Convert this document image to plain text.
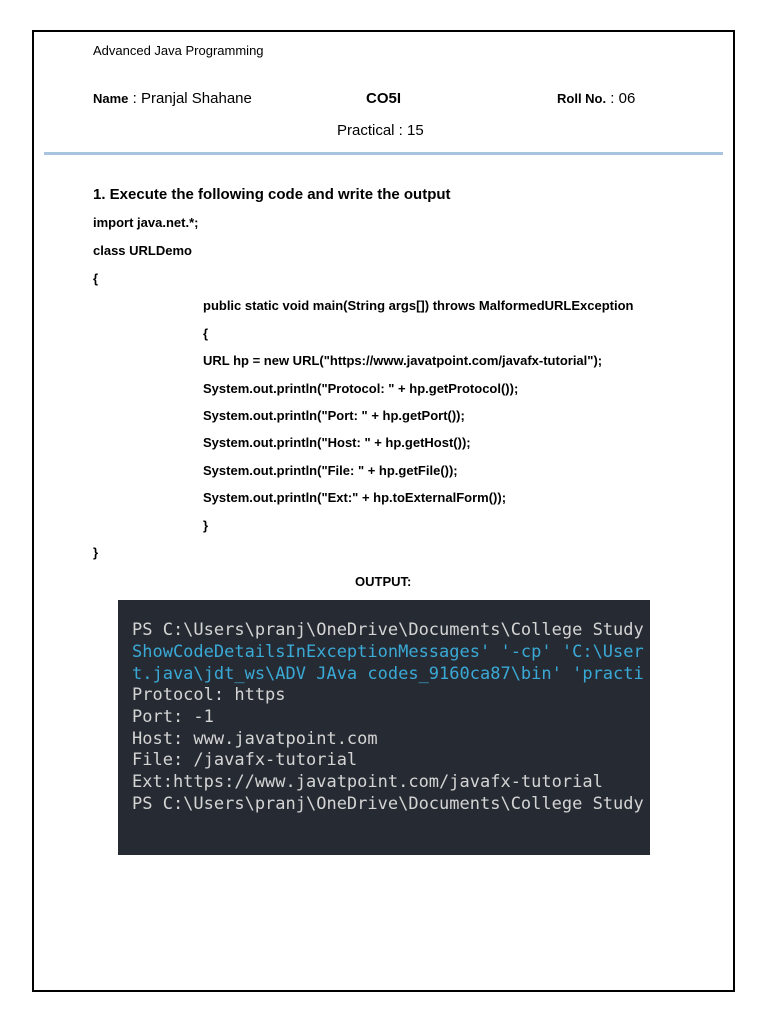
Advanced Java Programming
Name : Pranjal Shahane	CO5I	Roll No. : 06
Practical : 15
1. Execute the following code and write the output
import java.net.*;
class URLDemo
{
public static void main(String args[]) throws MalformedURLException
{
URL hp = new URL("https://www.javatpoint.com/javafx-tutorial");
System.out.println("Protocol: " + hp.getProtocol());
System.out.println("Port: " + hp.getPort());
System.out.println("Host: " + hp.getHost());
System.out.println("File: " + hp.getFile());
System.out.println("Ext:" + hp.toExternalForm());
}
}
OUTPUT:
PS C:\Users\pranj\OneDrive\Documents\College Study
ShowCodeDetailsInExceptionMessages' '-cp' 'C:\User
t.java\jdt_ws\ADV JAva codes_9160ca87\bin' 'practi
Protocol: https
Port: -1
Host: www.javatpoint.com
File: /javafx-tutorial
Ext:https://www.javatpoint.com/javafx-tutorial
PS C:\Users\pranj\OneDrive\Documents\College Study
